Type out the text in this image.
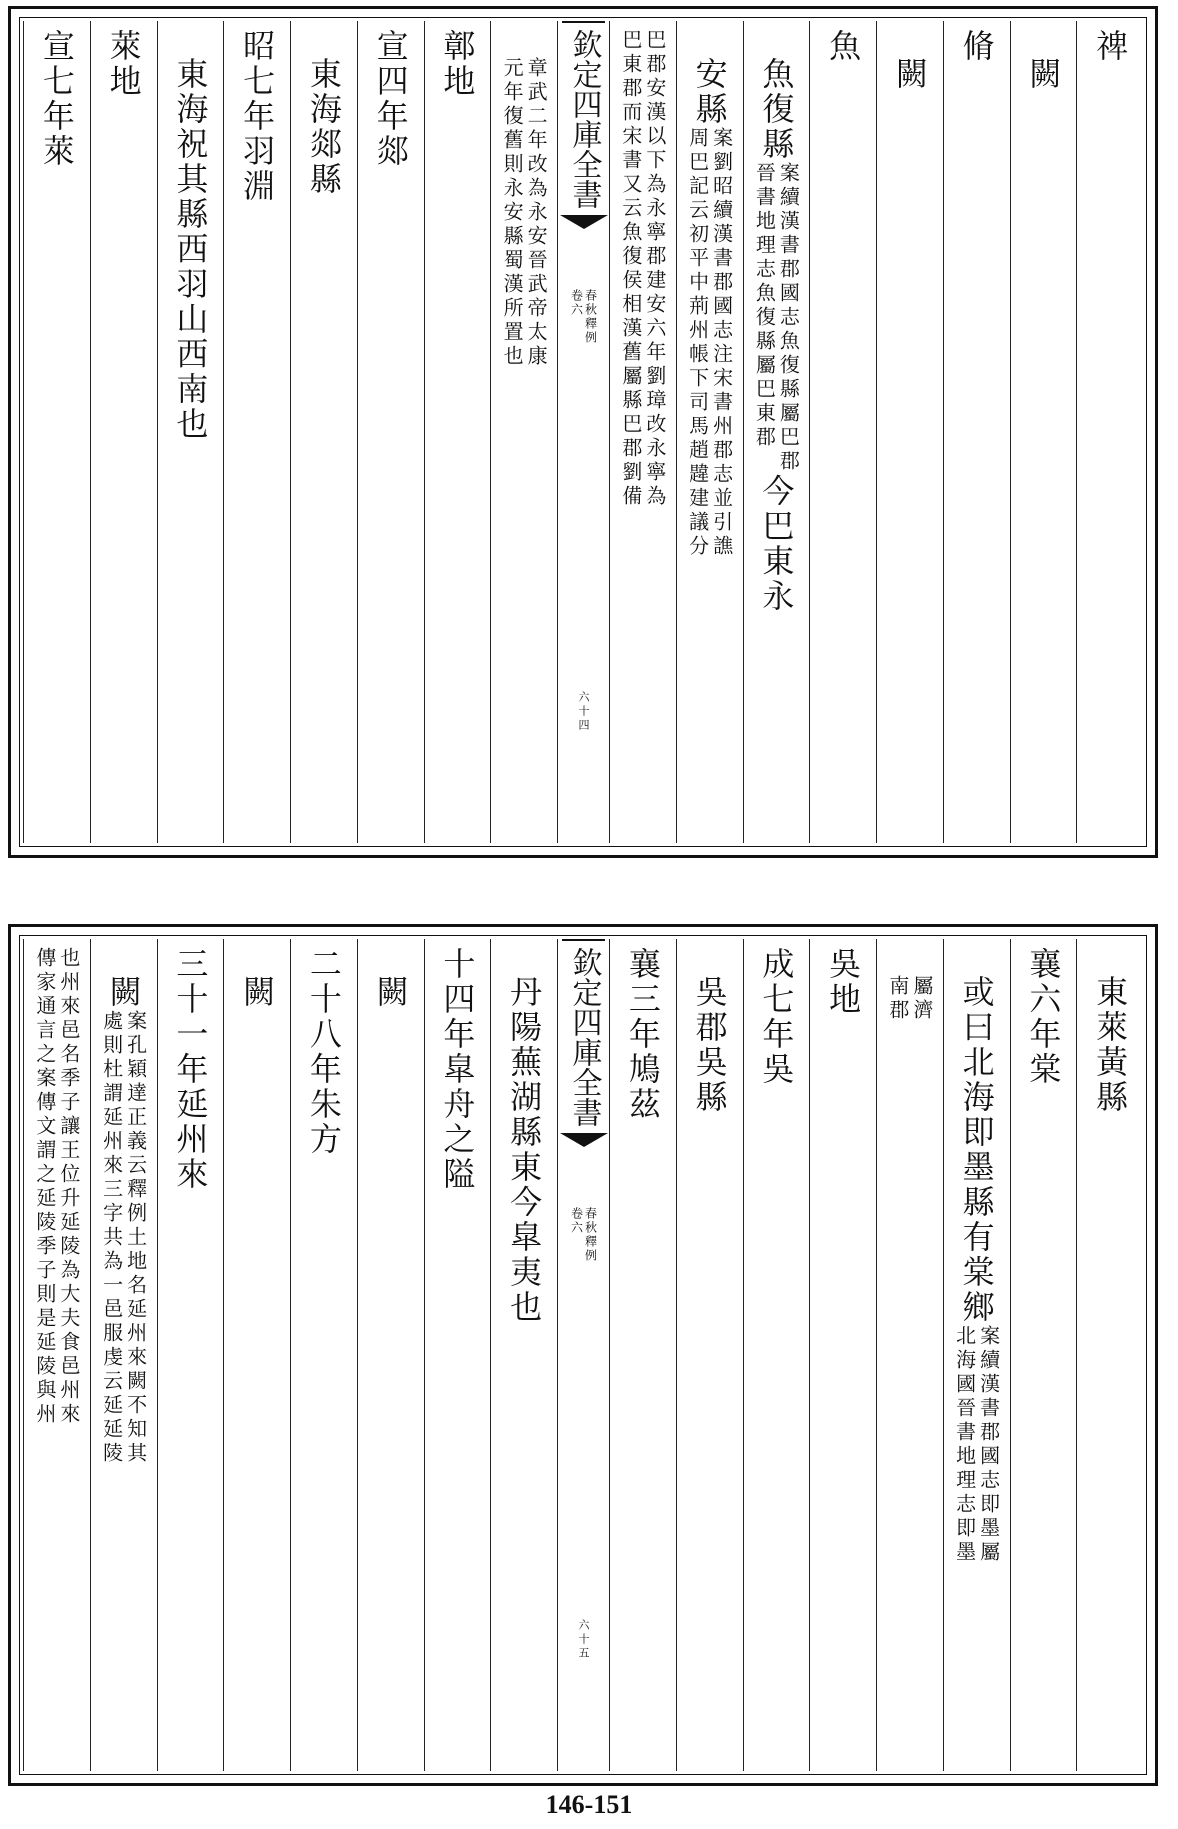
禆
闕
脩
闕
魚
魚復縣
案續漢書郡國志魚復縣屬巴郡
晉書地理志魚復縣屬巴東郡
今巴東永
安縣
案劉昭續漢書郡國志注宋書州郡志並引譙
周巴記云初平中荊州帳下司馬趙韙建議分
巴郡安漢以下為永寧郡建安六年劉璋改永寧為
巴東郡而宋書又云魚復侯相漢舊屬縣巴郡劉備
欽定四庫全書
春秋釋例
卷六
六十四
章武二年改為永安晉武帝太康
元年復舊則永安縣蜀漢所置也
鄣地
宣四年郯
東海郯縣
昭七年羽淵
東海祝其縣西羽山西南也
萊地
宣七年萊
東萊黃縣
襄六年棠
或曰北海即墨縣有棠鄉
案續漢書郡國志即墨屬
北海國晉書地理志即墨
屬濟
南郡
吳地
成七年吳
吳郡吳縣
襄三年鳩茲
欽定四庫全書
春秋釋例
卷六
六十五
丹陽蕪湖縣東今皐夷也
十四年皐舟之隘
闕
二十八年朱方
闕
三十一年延州來
闕
案孔穎達正義云釋例土地名延州來闕不知其
處則杜謂延州來三字共為一邑服虔云延延陵
也州來邑名季子讓王位升延陵為大夫食邑州來
傳家通言之案傳文謂之延陵季子則是延陵與州
146-151
